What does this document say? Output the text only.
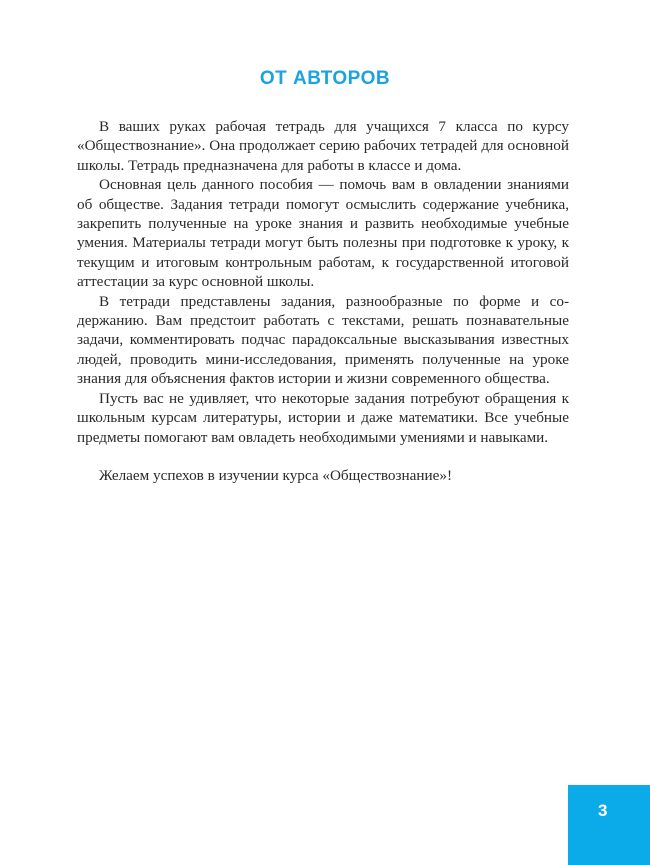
ОТ АВТОРОВ

В ваших руках рабочая тетрадь для учащихся 7 класса по курсу «Обществознание». Она продолжает серию рабочих тетрадей для основной школы. Тетрадь предназначена для работы в классе и дома.

Основная цель данного пособия — помочь вам в овладении знаниями об обществе. Задания тетради помогут осмыслить содержание учебника, закрепить полученные на уроке знания и развить необходимые учебные умения. Материалы тетради могут быть полезны при подготовке к уроку, к текущим и итоговым контрольным работам, к государственной итоговой аттестации за курс основной школы.

В тетради представлены задания, разнообразные по форме и содержанию. Вам предстоит работать с текстами, решать познавательные задачи, комментировать подчас парадоксальные высказывания известных людей, проводить мини-исследования, применять полученные на уроке знания для объяснения фактов истории и жизни современного общества.

Пусть вас не удивляет, что некоторые задания потребуют обращения к школьным курсам литературы, истории и даже математики. Все учебные предметы помогают вам овладеть необходимыми умениями и навыками.

Желаем успехов в изучении курса «Обществознание»!

3
